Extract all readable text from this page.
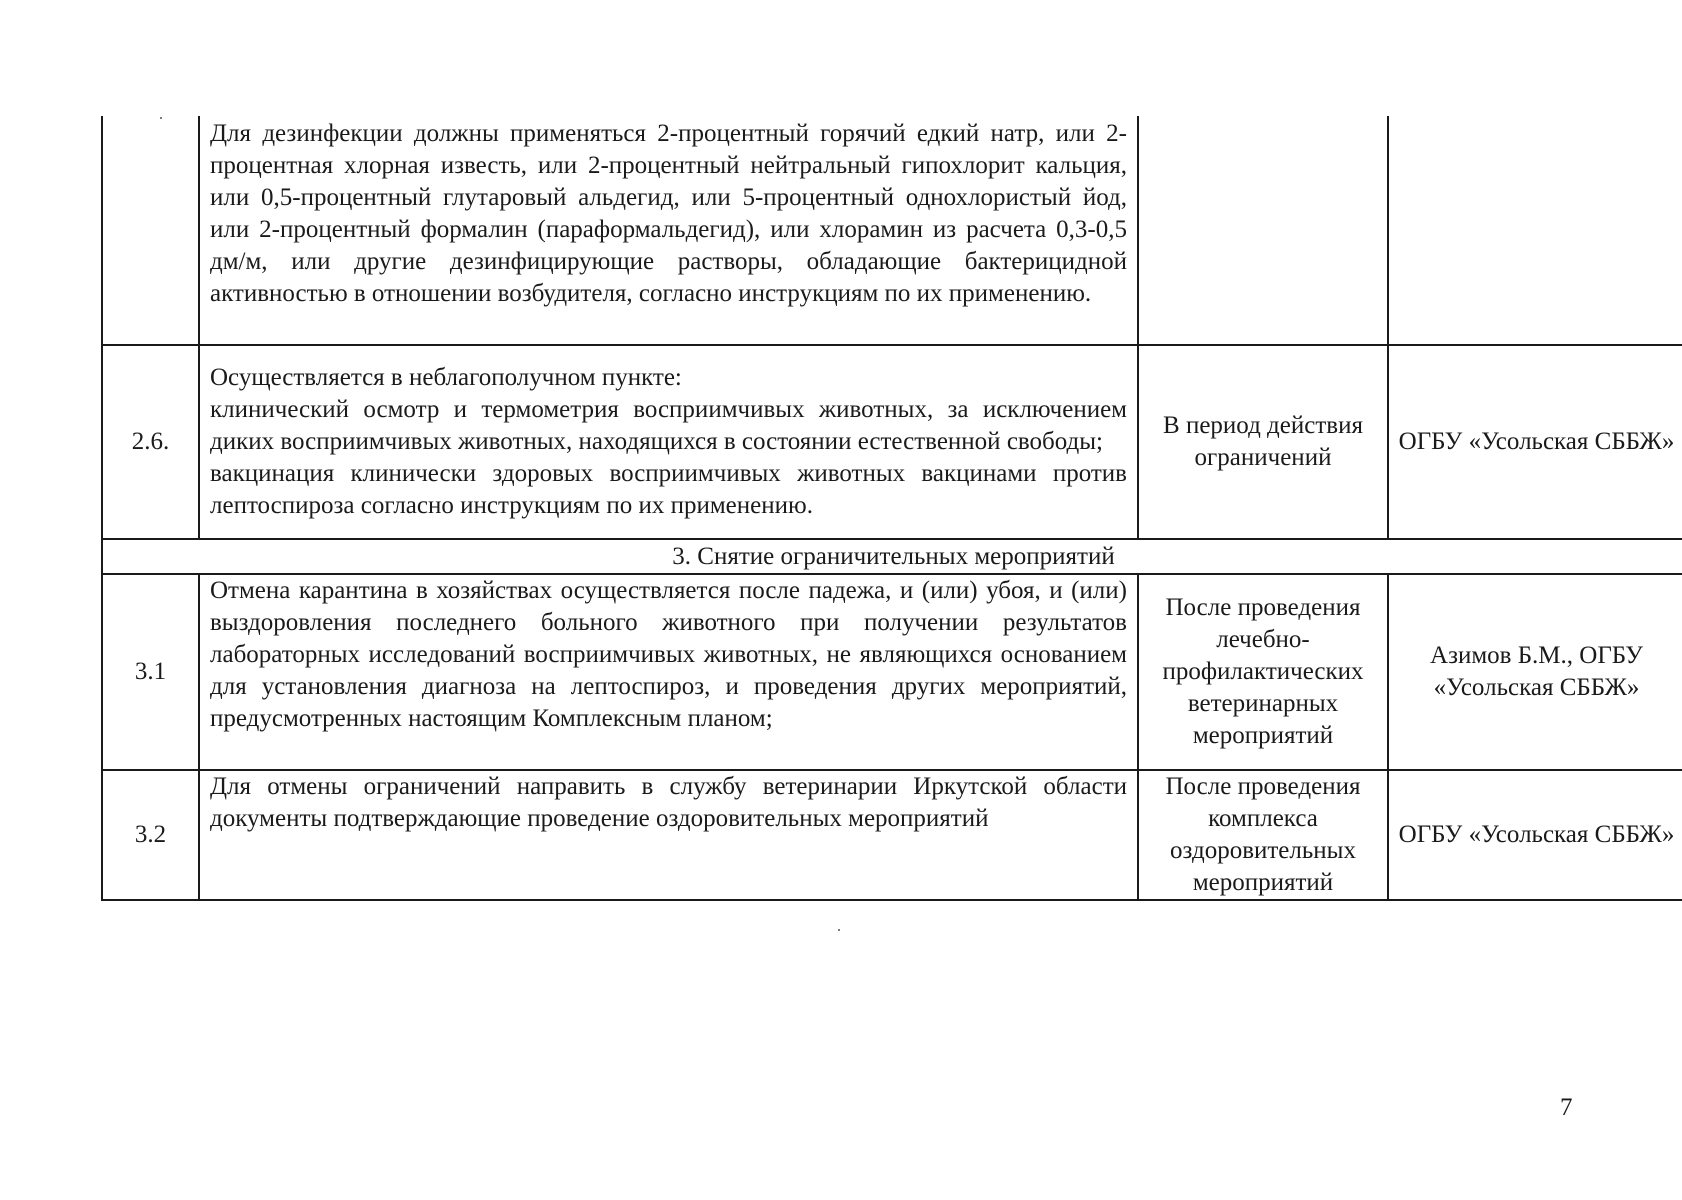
	Для дезинфекции должны применяться 2-процентный горячий едкий натр, или 2-процентная хлорная известь, или 2-процентный нейтральный гипохлорит кальция, или 0,5-процентный глутаровый альдегид, или 5-процентный однохлористый йод, или 2-процентный формалин (параформальдегид), или хлорамин из расчета 0,3-0,5 дм/м, или другие дезинфицирующие растворы, обладающие бактерицидной активностью в отношении возбудителя, согласно инструкциям по их применению.		

2.6.	Осуществляется в неблагополучном пункте:
клинический осмотр и термометрия восприимчивых животных, за исключением диких восприимчивых животных, находящихся в состоянии естественной свободы;
вакцинация клинически здоровых восприимчивых животных вакцинами против лептоспироза согласно инструкциям по их применению.	В период действия ограничений	ОГБУ «Усольская СББЖ»
3. Снятие ограничительных мероприятий			
3.1	Отмена карантина в хозяйствах осуществляется после падежа, и (или) убоя, и (или) выздоровления последнего больного животного при получении результатов лабораторных исследований восприимчивых животных, не являющихся основанием для установления диагноза на лептоспироз, и проведения других мероприятий, предусмотренных настоящим Комплексным планом;	После проведения лечебно-профилактических ветеринарных мероприятий	Азимов Б.М., ОГБУ «Усольская СББЖ»
3.2	Для отмены ограничений направить в службу ветеринарии Иркутской области документы подтверждающие проведение оздоровительных мероприятий	После проведения комплекса оздоровительных мероприятий	ОГБУ «Усольская СББЖ»
7
